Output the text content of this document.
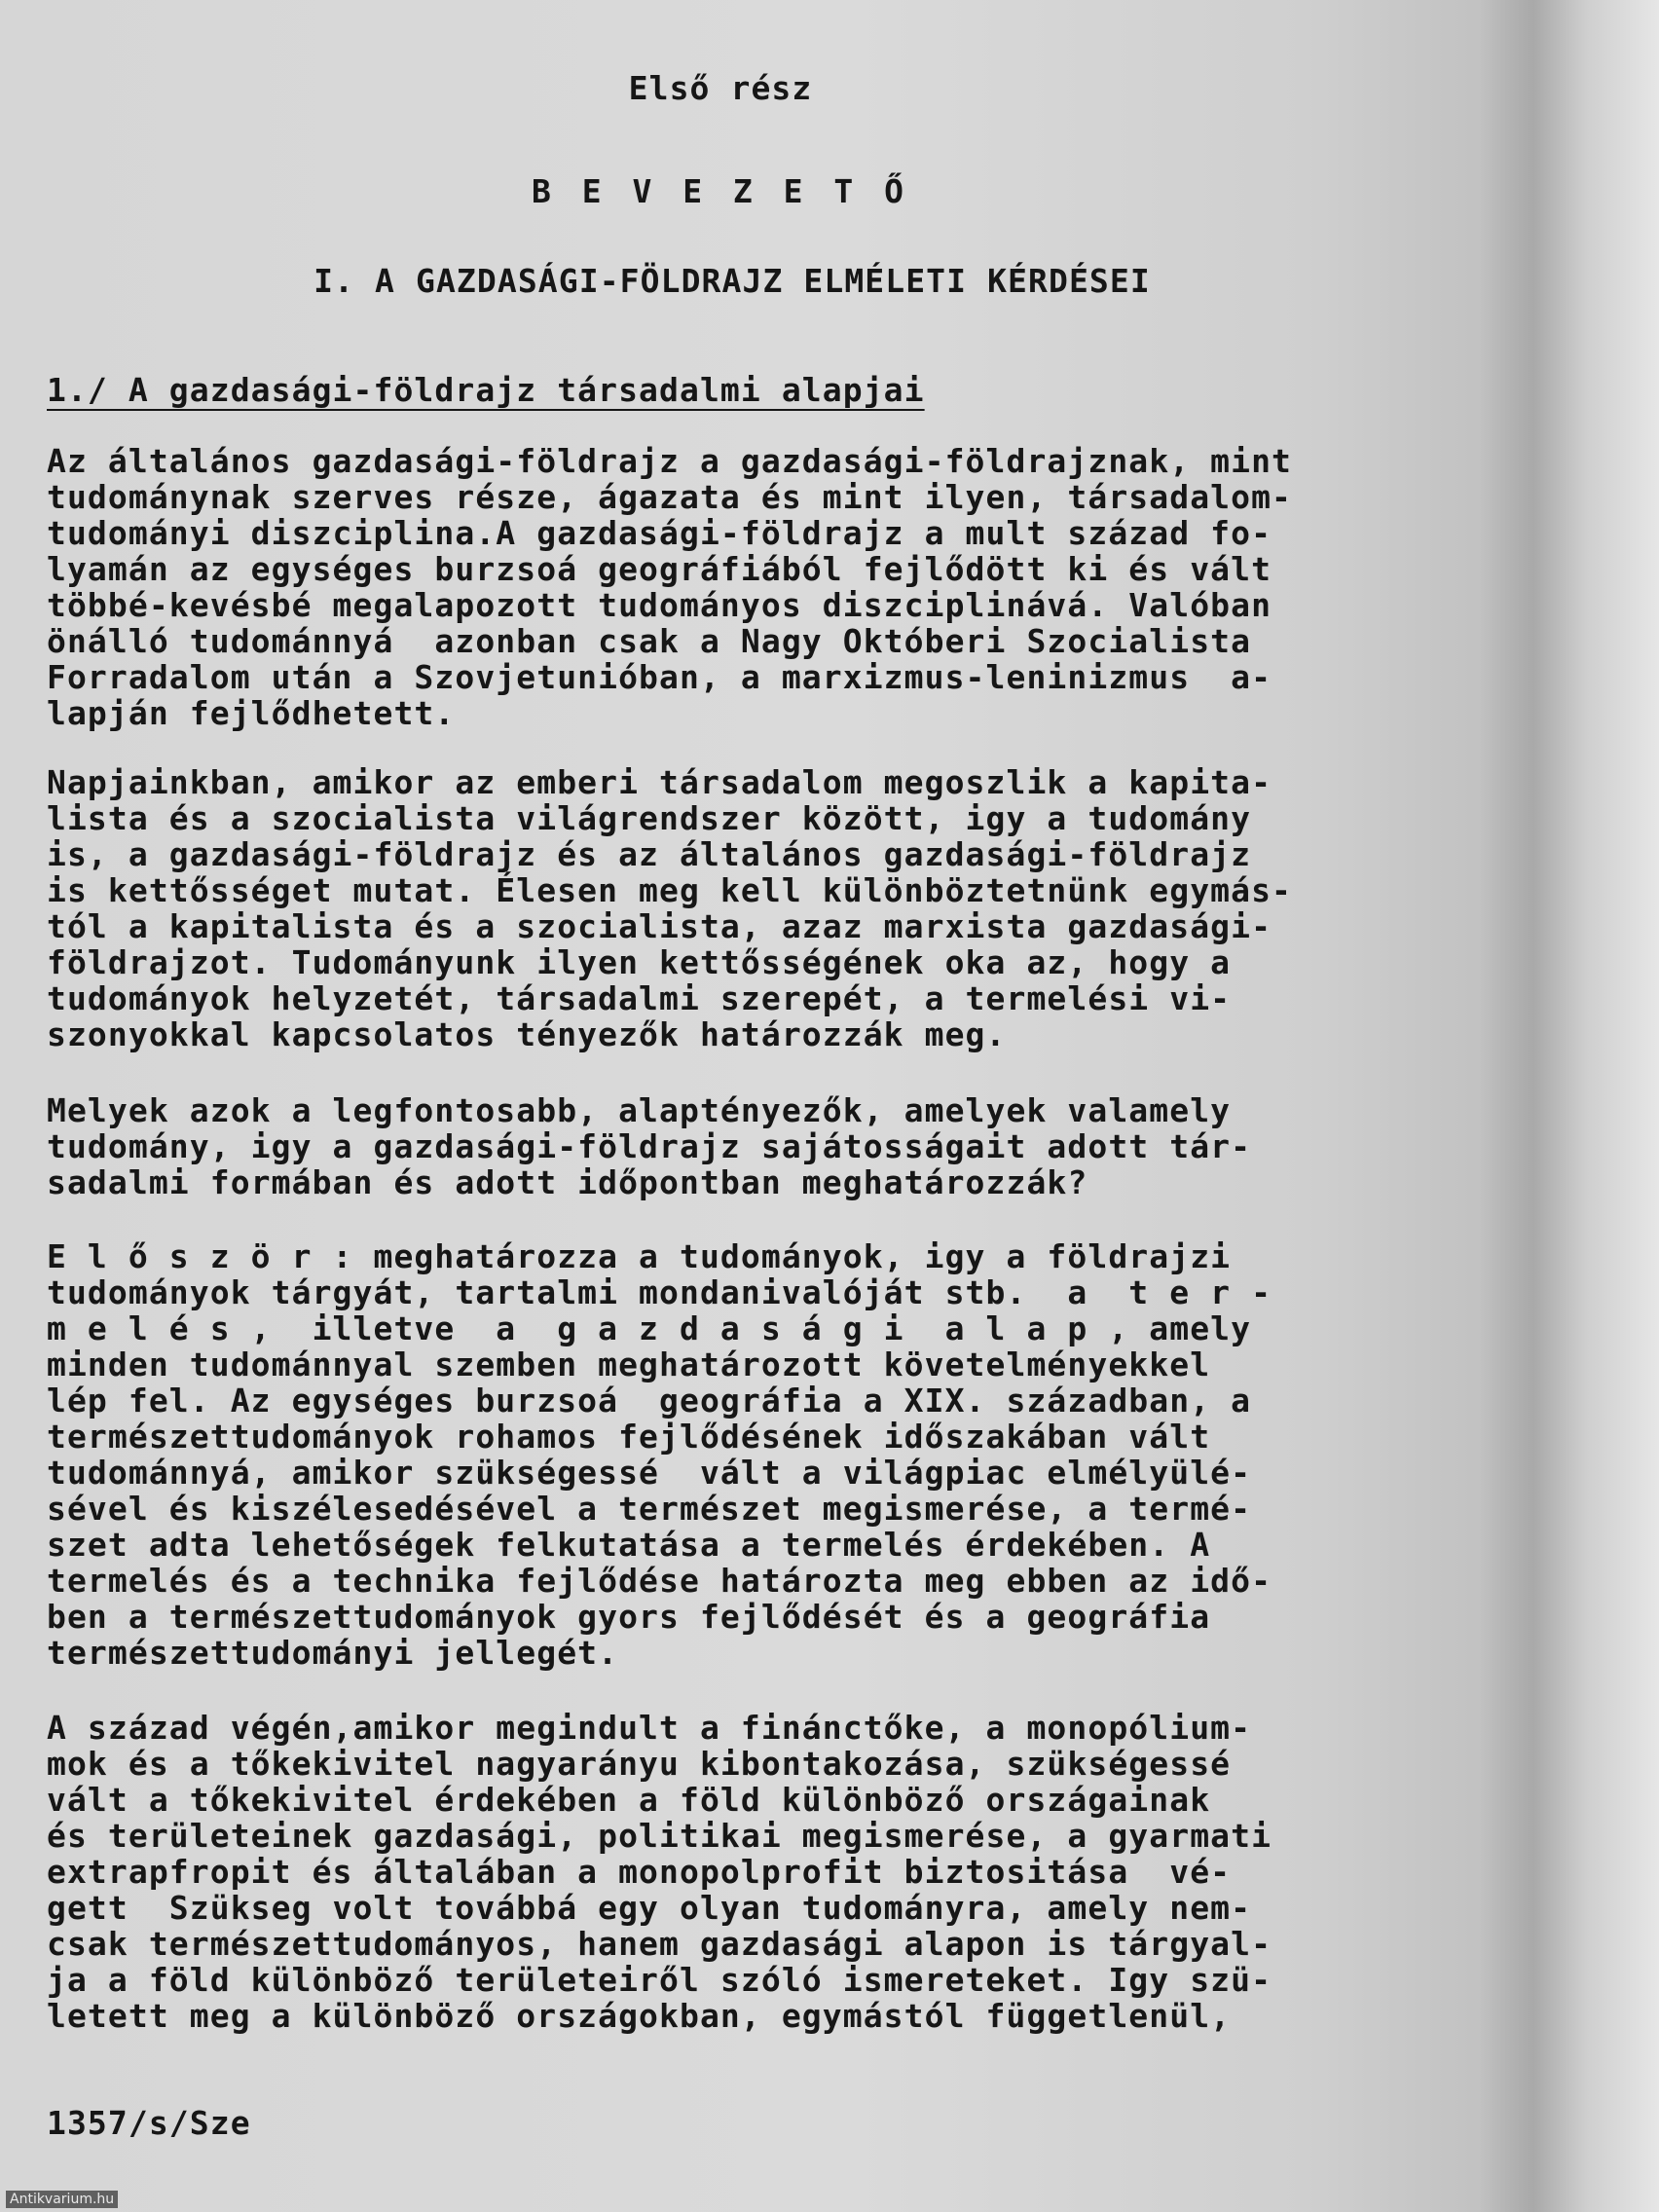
Első rész
B E V E Z E T Ő
I. A GAZDASÁGI-FÖLDRAJZ ELMÉLETI KÉRDÉSEI
1./ A gazdasági-földrajz társadalmi alapjai
Az általános gazdasági-földrajz a gazdasági-földrajznak, mint
tudománynak szerves része, ágazata és mint ilyen, társadalom-
tudományi diszciplina.A gazdasági-földrajz a mult század fo-
lyamán az egységes burzsoá geográfiából fejlődött ki és vált
többé-kevésbé megalapozott tudományos diszciplinává. Valóban
önálló tudománnyá  azonban csak a Nagy Októberi Szocialista
Forradalom után a Szovjetunióban, a marxizmus-leninizmus  a-
lapján fejlődhetett.
Napjainkban, amikor az emberi társadalom megoszlik a kapita-
lista és a szocialista világrendszer között, igy a tudomány
is, a gazdasági-földrajz és az általános gazdasági-földrajz
is kettősséget mutat. Élesen meg kell különböztetnünk egymás-
tól a kapitalista és a szocialista, azaz marxista gazdasági-
földrajzot. Tudományunk ilyen kettősségének oka az, hogy a
tudományok helyzetét, társadalmi szerepét, a termelési vi-
szonyokkal kapcsolatos tényezők határozzák meg.
Melyek azok a legfontosabb, alaptényezők, amelyek valamely
tudomány, igy a gazdasági-földrajz sajátosságait adott tár-
sadalmi formában és adott időpontban meghatározzák?
E l ő s z ö r : meghatározza a tudományok, igy a földrajzi
tudományok tárgyát, tartalmi mondanivalóját stb.  a  t e r -
m e l é s ,  illetve  a  g a z d a s á g i  a l a p , amely
minden tudománnyal szemben meghatározott követelményekkel
lép fel. Az egységes burzsoá  geográfia a XIX. században, a
természettudományok rohamos fejlődésének időszakában vált
tudománnyá, amikor szükségessé  vált a világpiac elmélyülé-
sével és kiszélesedésével a természet megismerése, a termé-
szet adta lehetőségek felkutatása a termelés érdekében. A
termelés és a technika fejlődése határozta meg ebben az idő-
ben a természettudományok gyors fejlődését és a geográfia
természettudományi jellegét.
A század végén,amikor megindult a finánctőke, a monopólium-
mok és a tőkekivitel nagyarányu kibontakozása, szükségessé
vált a tőkekivitel érdekében a föld különböző országainak
és területeinek gazdasági, politikai megismerése, a gyarmati
extrapfropit és általában a monopolprofit biztositása  vé-
gett  Szükseg volt továbbá egy olyan tudományra, amely nem-
csak természettudományos, hanem gazdasági alapon is tárgyal-
ja a föld különböző területeiről szóló ismereteket. Igy szü-
letett meg a különböző országokban, egymástól függetlenül,
1357/s/Sze
Antikvarium.hu
